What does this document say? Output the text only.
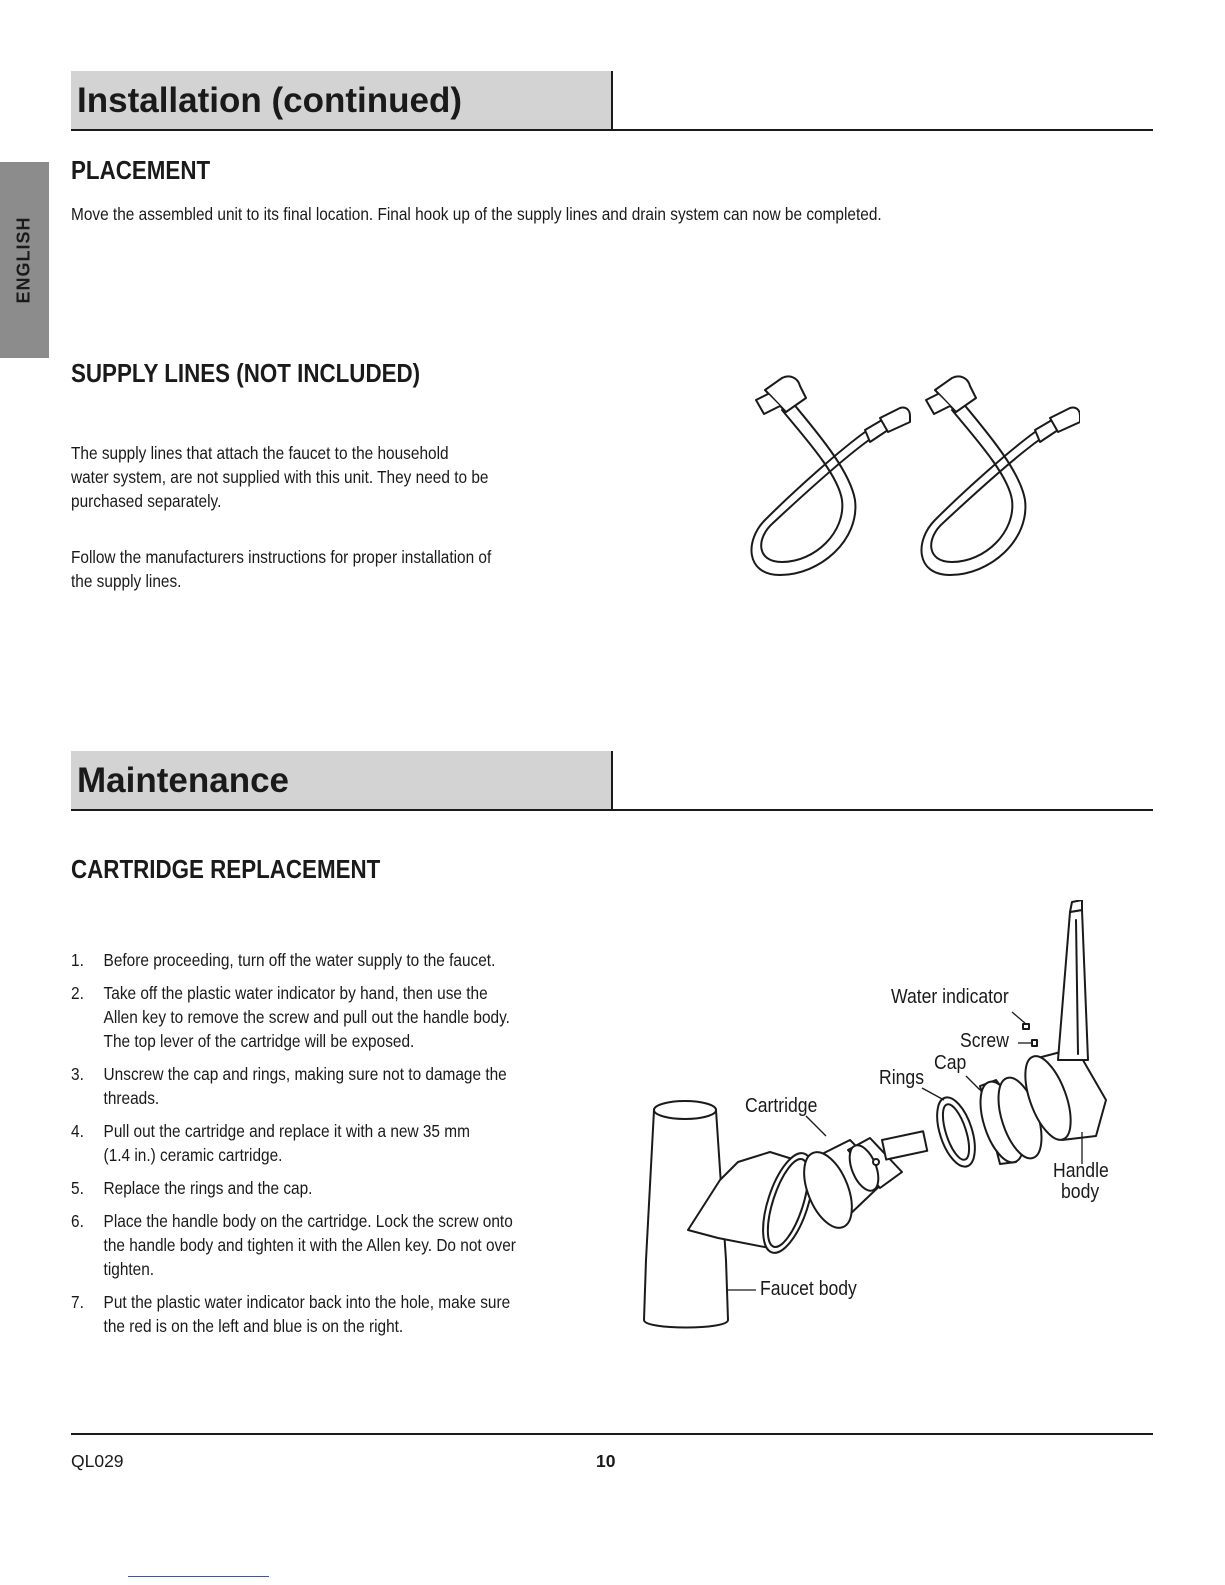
ENGLISH
Installation (continued)
PLACEMENT

Move the assembled unit to its final location. Final hook up of the supply lines and drain system can now be completed.

SUPPLY LINES (NOT INCLUDED)

The supply lines that attach the faucet to the household
water system, are not supplied with this unit. They need to be
purchased separately.

Follow the manufacturers instructions for proper installation of
the supply lines.

Maintenance
CARTRIDGE REPLACEMENT
1. Before proceeding, turn off the water supply to the faucet.
2. Take off the plastic water indicator by hand, then use the
Allen key to remove the screw and pull out the handle body.
The top lever of the cartridge will be exposed.
3. Unscrew the cap and rings, making sure not to damage the
threads.
4. Pull out the cartridge and replace it with a new 35 mm
(1.4 in.) ceramic cartridge.
5. Replace the rings and the cap.
6. Place the handle body on the cartridge. Lock the screw onto
the handle body and tighten it with the Allen key. Do not over
tighten.
7. Put the plastic water indicator back into the hole, make sure
the red is on the left and blue is on the right.
Water indicator
Screw
Cap
Rings
Cartridge
Handle
body
Faucet body
QL029	10
